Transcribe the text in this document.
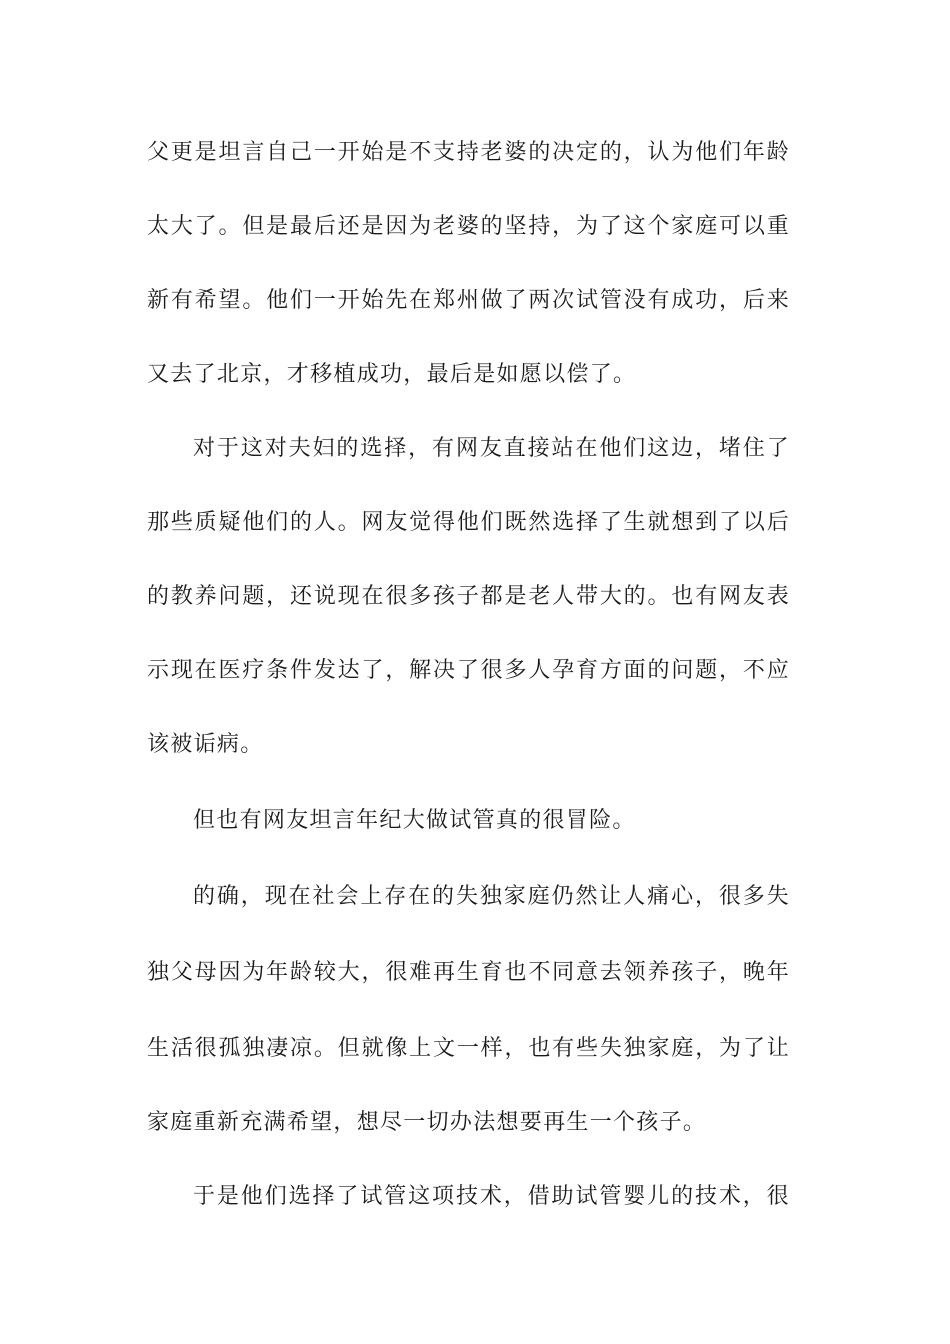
父更是坦言自己一开始是不支持老婆的决定的，认为他们年龄
太大了。但是最后还是因为老婆的坚持，为了这个家庭可以重
新有希望。他们一开始先在郑州做了两次试管没有成功，后来
又去了北京，才移植成功，最后是如愿以偿了。
对于这对夫妇的选择，有网友直接站在他们这边，堵住了
那些质疑他们的人。网友觉得他们既然选择了生就想到了以后
的教养问题，还说现在很多孩子都是老人带大的。也有网友表
示现在医疗条件发达了，解决了很多人孕育方面的问题，不应
该被诟病。
但也有网友坦言年纪大做试管真的很冒险。
的确，现在社会上存在的失独家庭仍然让人痛心，很多失
独父母因为年龄较大，很难再生育也不同意去领养孩子，晚年
生活很孤独凄凉。但就像上文一样，也有些失独家庭，为了让
家庭重新充满希望，想尽一切办法想要再生一个孩子。
于是他们选择了试管这项技术，借助试管婴儿的技术，很
